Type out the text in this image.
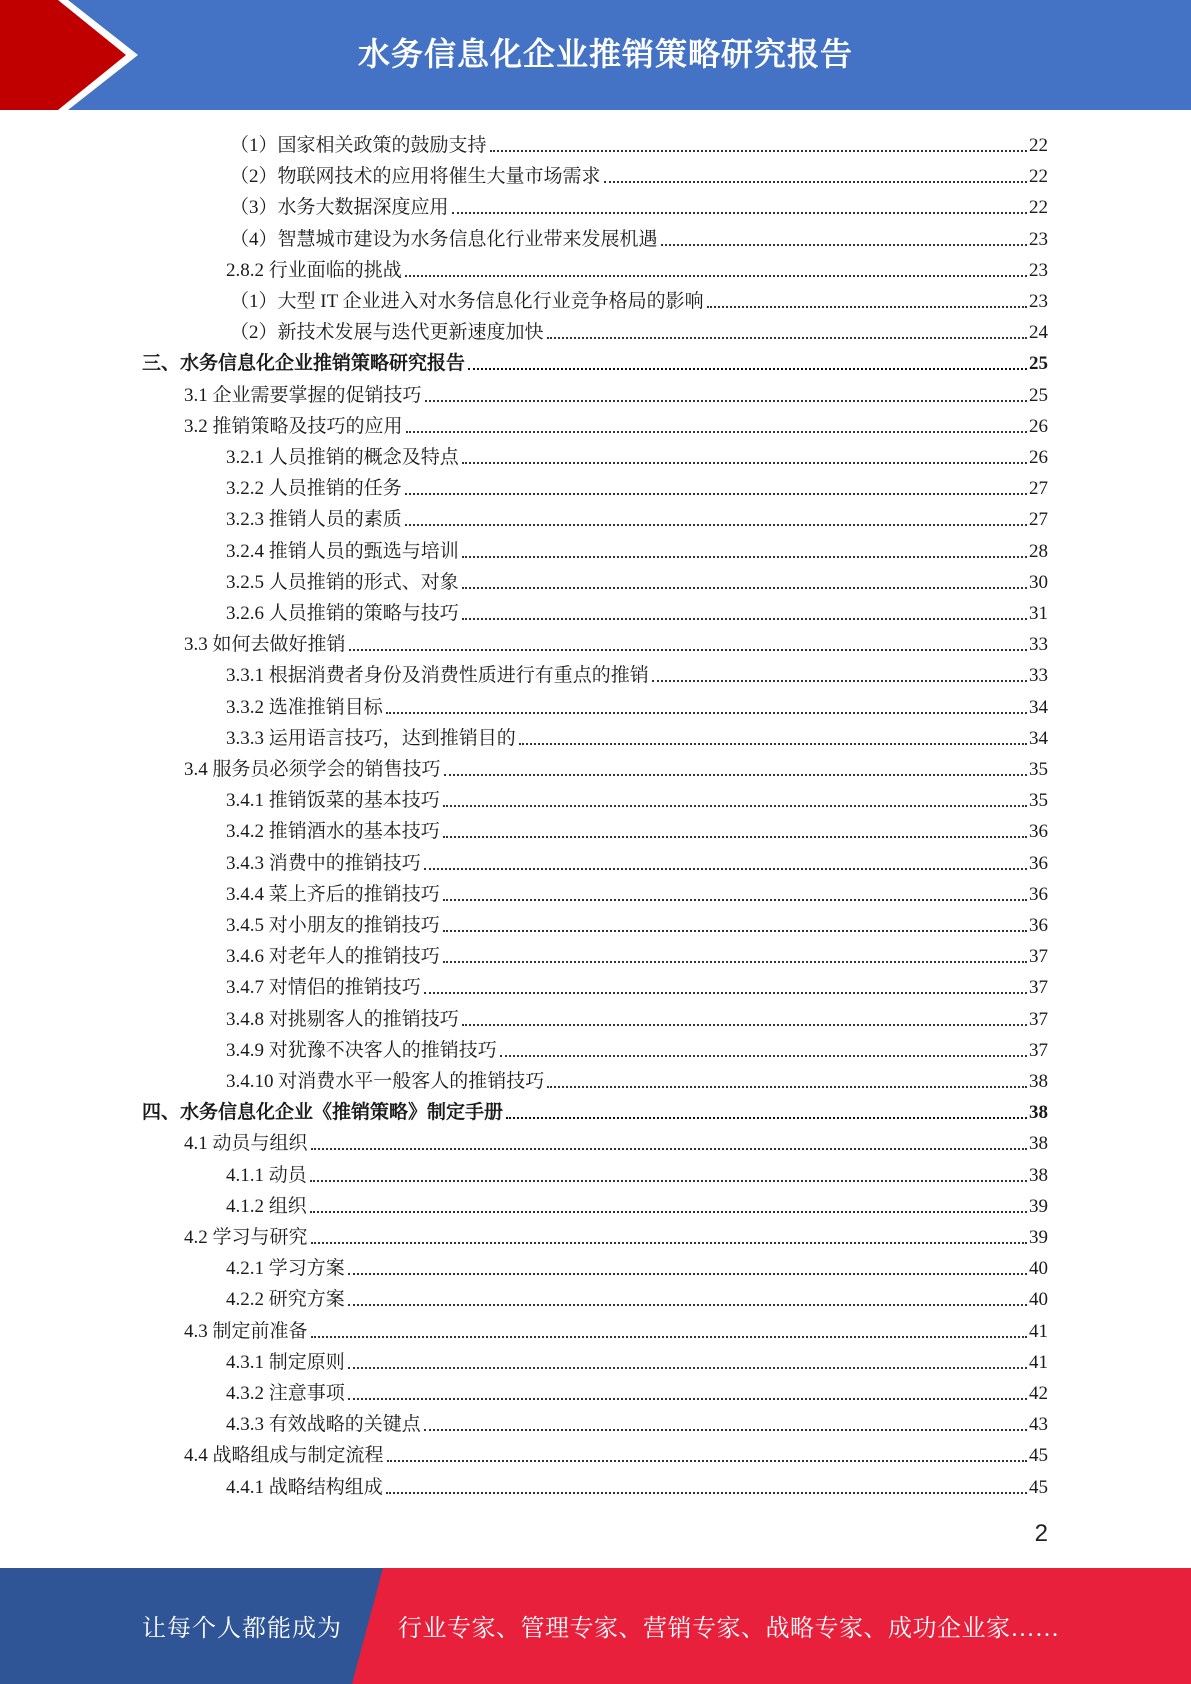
水务信息化企业推销策略研究报告
（1）国家相关政策的鼓励支持	22
（2）物联网技术的应用将催生大量市场需求	22
（3）水务大数据深度应用	22
（4）智慧城市建设为水务信息化行业带来发展机遇	23
2.8.2 行业面临的挑战	23
（1）大型 IT 企业进入对水务信息化行业竞争格局的影响	23
（2）新技术发展与迭代更新速度加快	24
三、水务信息化企业推销策略研究报告	25
3.1 企业需要掌握的促销技巧	25
3.2 推销策略及技巧的应用	26
3.2.1 人员推销的概念及特点	26
3.2.2 人员推销的任务	27
3.2.3 推销人员的素质	27
3.2.4 推销人员的甄选与培训	28
3.2.5 人员推销的形式、对象	30
3.2.6 人员推销的策略与技巧	31
3.3 如何去做好推销	33
3.3.1 根据消费者身份及消费性质进行有重点的推销	33
3.3.2 选准推销目标	34
3.3.3 运用语言技巧，达到推销目的	34
3.4 服务员必须学会的销售技巧	35
3.4.1 推销饭菜的基本技巧	35
3.4.2 推销酒水的基本技巧	36
3.4.3 消费中的推销技巧	36
3.4.4 菜上齐后的推销技巧	36
3.4.5 对小朋友的推销技巧	36
3.4.6 对老年人的推销技巧	37
3.4.7 对情侣的推销技巧	37
3.4.8 对挑剔客人的推销技巧	37
3.4.9 对犹豫不决客人的推销技巧	37
3.4.10 对消费水平一般客人的推销技巧	38
四、水务信息化企业《推销策略》制定手册	38
4.1 动员与组织	38
4.1.1 动员	38
4.1.2 组织	39
4.2 学习与研究	39
4.2.1 学习方案	40
4.2.2 研究方案	40
4.3 制定前准备	41
4.3.1 制定原则	41
4.3.2 注意事项	42
4.3.3 有效战略的关键点	43
4.4 战略组成与制定流程	45
4.4.1 战略结构组成	45
2
让每个人都能成为 行业专家、管理专家、营销专家、战略专家、成功企业家……
